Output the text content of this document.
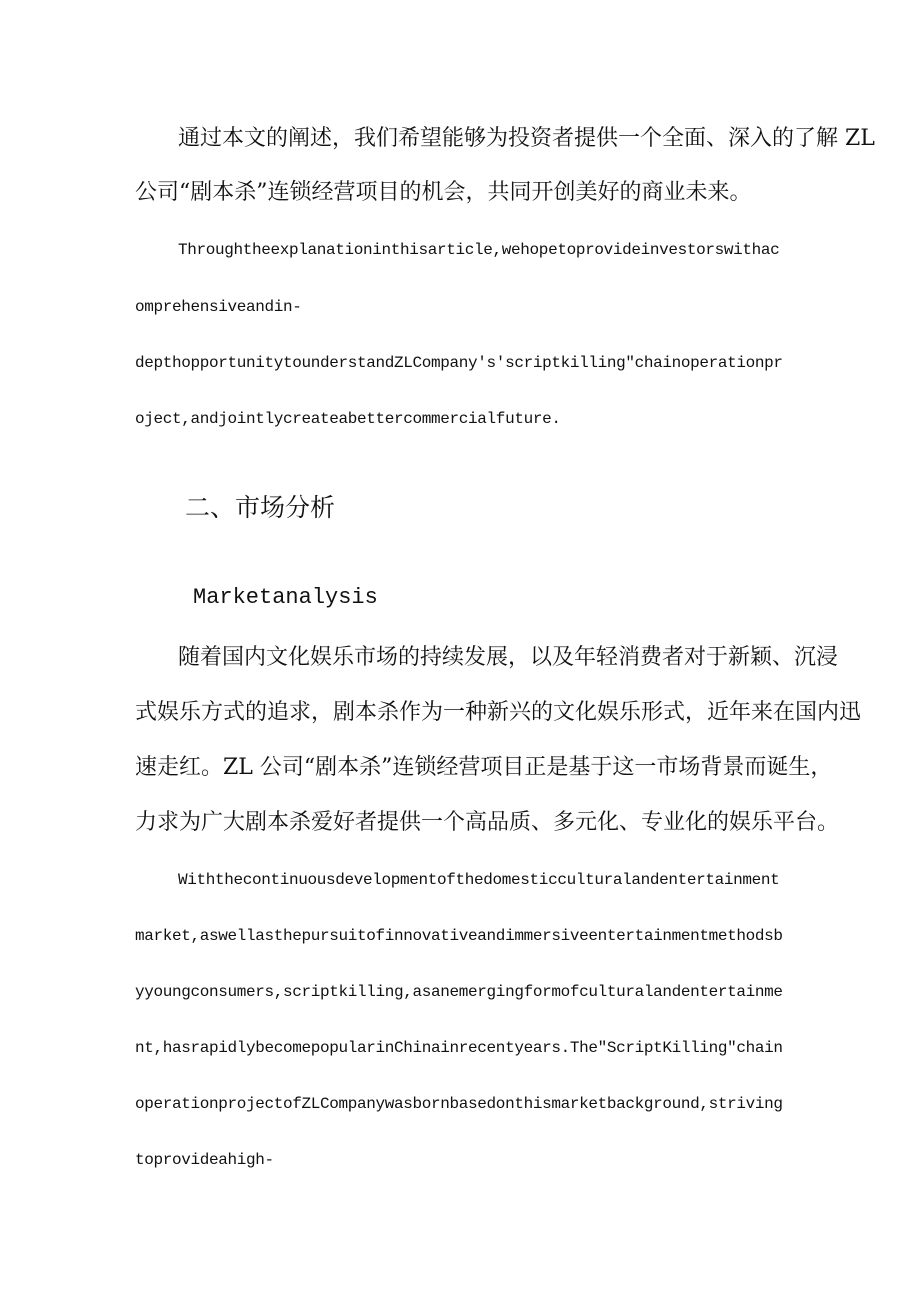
通过本文的阐述，我们希望能够为投资者提供一个全面、深入的了解 ZL

公司“剧本杀”连锁经营项目的机会，共同开创美好的商业未来。

Throughtheexplanationinthisarticle,wehopetoprovideinvestorswithac

omprehensiveandin-

depthopportunitytounderstandZLCompany's'scriptkilling"chainoperationpr

oject,andjointlycreateabettercommercialfuture.

二、市场分析
Marketanalysis

随着国内文化娱乐市场的持续发展，以及年轻消费者对于新颖、沉浸

式娱乐方式的追求，剧本杀作为一种新兴的文化娱乐形式，近年来在国内迅

速走红。ZL 公司“剧本杀”连锁经营项目正是基于这一市场背景而诞生，

力求为广大剧本杀爱好者提供一个高品质、多元化、专业化的娱乐平台。

Withthecontinuousdevelopmentofthedomesticculturalandentertainment

market,aswellasthepursuitofinnovativeandimmersiveentertainmentmethodsb

yyoungconsumers,scriptkilling,asanemergingformofculturalandentertainme

nt,hasrapidlybecomepopularinChinainrecentyears.The"ScriptKilling"chain

operationprojectofZLCompanywasbornbasedonthismarketbackground,striving

toprovideahigh-
